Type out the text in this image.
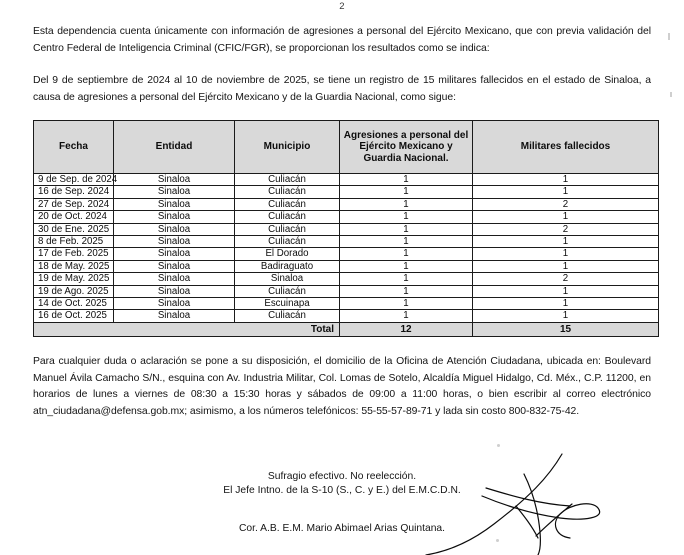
2
Esta dependencia cuenta únicamente con información de agresiones a personal del Ejército Mexicano, que con previa validación del Centro Federal de Inteligencia Criminal (CFIC/FGR), se proporcionan los resultados como se indica:
Del 9 de septiembre de 2024 al 10 de noviembre de 2025, se tiene un registro de 15 militares fallecidos en el estado de Sinaloa, a causa de agresiones a personal del Ejército Mexicano y de la Guardia Nacional, como sigue:
Fecha	Entidad	Municipio	Agresiones a personal del Ejército Mexicano y Guardia Nacional.	Militares fallecidos
9 de Sep. de 2024	Sinaloa	Culiacán	1	1
16 de Sep. 2024	Sinaloa	Culiacán	1	1
27 de Sep. 2024	Sinaloa	Culiacán	1	2
20 de Oct. 2024	Sinaloa	Culiacán	1	1
30 de Ene. 2025	Sinaloa	Culiacán	1	2
8 de Feb. 2025	Sinaloa	Culiacán	1	1
17 de Feb. 2025	Sinaloa	El Dorado	1	1
18 de May. 2025	Sinaloa	Badiraguato	1	1
19 de May. 2025	Sinaloa	Sinaloa	1	2
19 de Ago. 2025	Sinaloa	Culiacán	1	1
14 de Oct. 2025	Sinaloa	Escuinapa	1	1
16 de Oct. 2025	Sinaloa	Culiacán	1	1
Total			12	15
Para cualquier duda o aclaración se pone a su disposición, el domicilio de la Oficina de Atención Ciudadana, ubicada en: Boulevard Manuel Ávila Camacho S/N., esquina con Av. Industria Militar, Col. Lomas de Sotelo, Alcaldía Miguel Hidalgo, Cd. Méx., C.P. 11200, en horarios de lunes a viernes de 08:30 a 15:30 horas y sábados de 09:00 a 11:00 horas, o bien escribir al correo electrónico atn_ciudadana@defensa.gob.mx; asimismo, a los números telefónicos: 55-55-57-89-71 y lada sin costo 800-832-75-42.
Sufragio efectivo. No reelección.
El Jefe Intno. de la S-10 (S., C. y E.) del E.M.C.D.N.
Cor. A.B. E.M. Mario Abimael Arias Quintana.
